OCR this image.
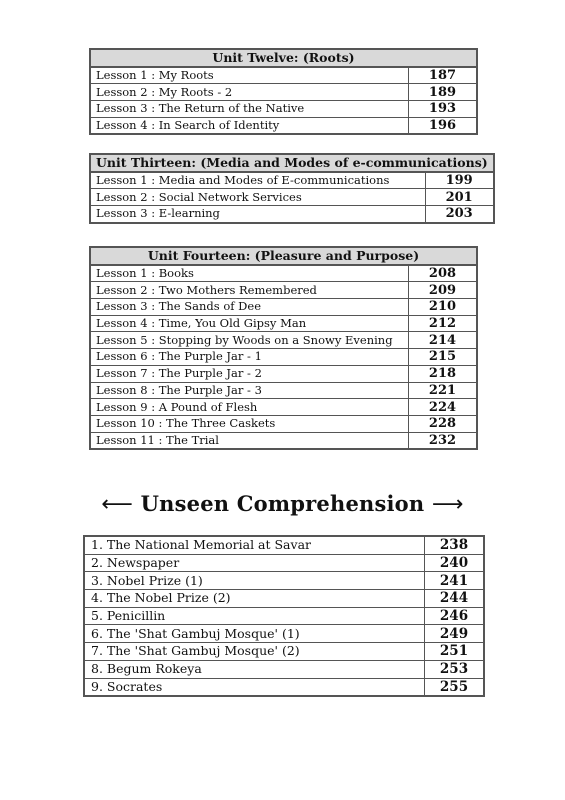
Unit Twelve: (Roots)	
Lesson 1 : My Roots	187
Lesson 2 : My Roots - 2	189
Lesson 3 : The Return of the Native	193
Lesson 4 : In Search of Identity	196
Unit Thirteen: (Media and Modes of e-communications)	
Lesson 1 : Media and Modes of E-communications	199
Lesson 2 : Social Network Services	201
Lesson 3 : E-learning	203
Unit Fourteen: (Pleasure and Purpose)	
Lesson 1 : Books	208
Lesson 2 : Two Mothers Remembered	209
Lesson 3 : The Sands of Dee	210
Lesson 4 : Time, You Old Gipsy Man	212
Lesson 5 : Stopping by Woods on a Snowy Evening	214
Lesson 6 : The Purple Jar - 1	215
Lesson 7 : The Purple Jar - 2	218
Lesson 8 : The Purple Jar - 3	221
Lesson 9 : A Pound of Flesh	224
Lesson 10 : The Three Caskets	228
Lesson 11 : The Trial	232
⟵ Unseen Comprehension ⟶
1. The National Memorial at Savar	238
2. Newspaper	240
3. Nobel Prize (1)	241
4. The Nobel Prize (2)	244
5. Penicillin	246
6. The 'Shat Gambuj Mosque' (1)	249
7. The 'Shat Gambuj Mosque' (2)	251
8. Begum Rokeya	253
9. Socrates	255
